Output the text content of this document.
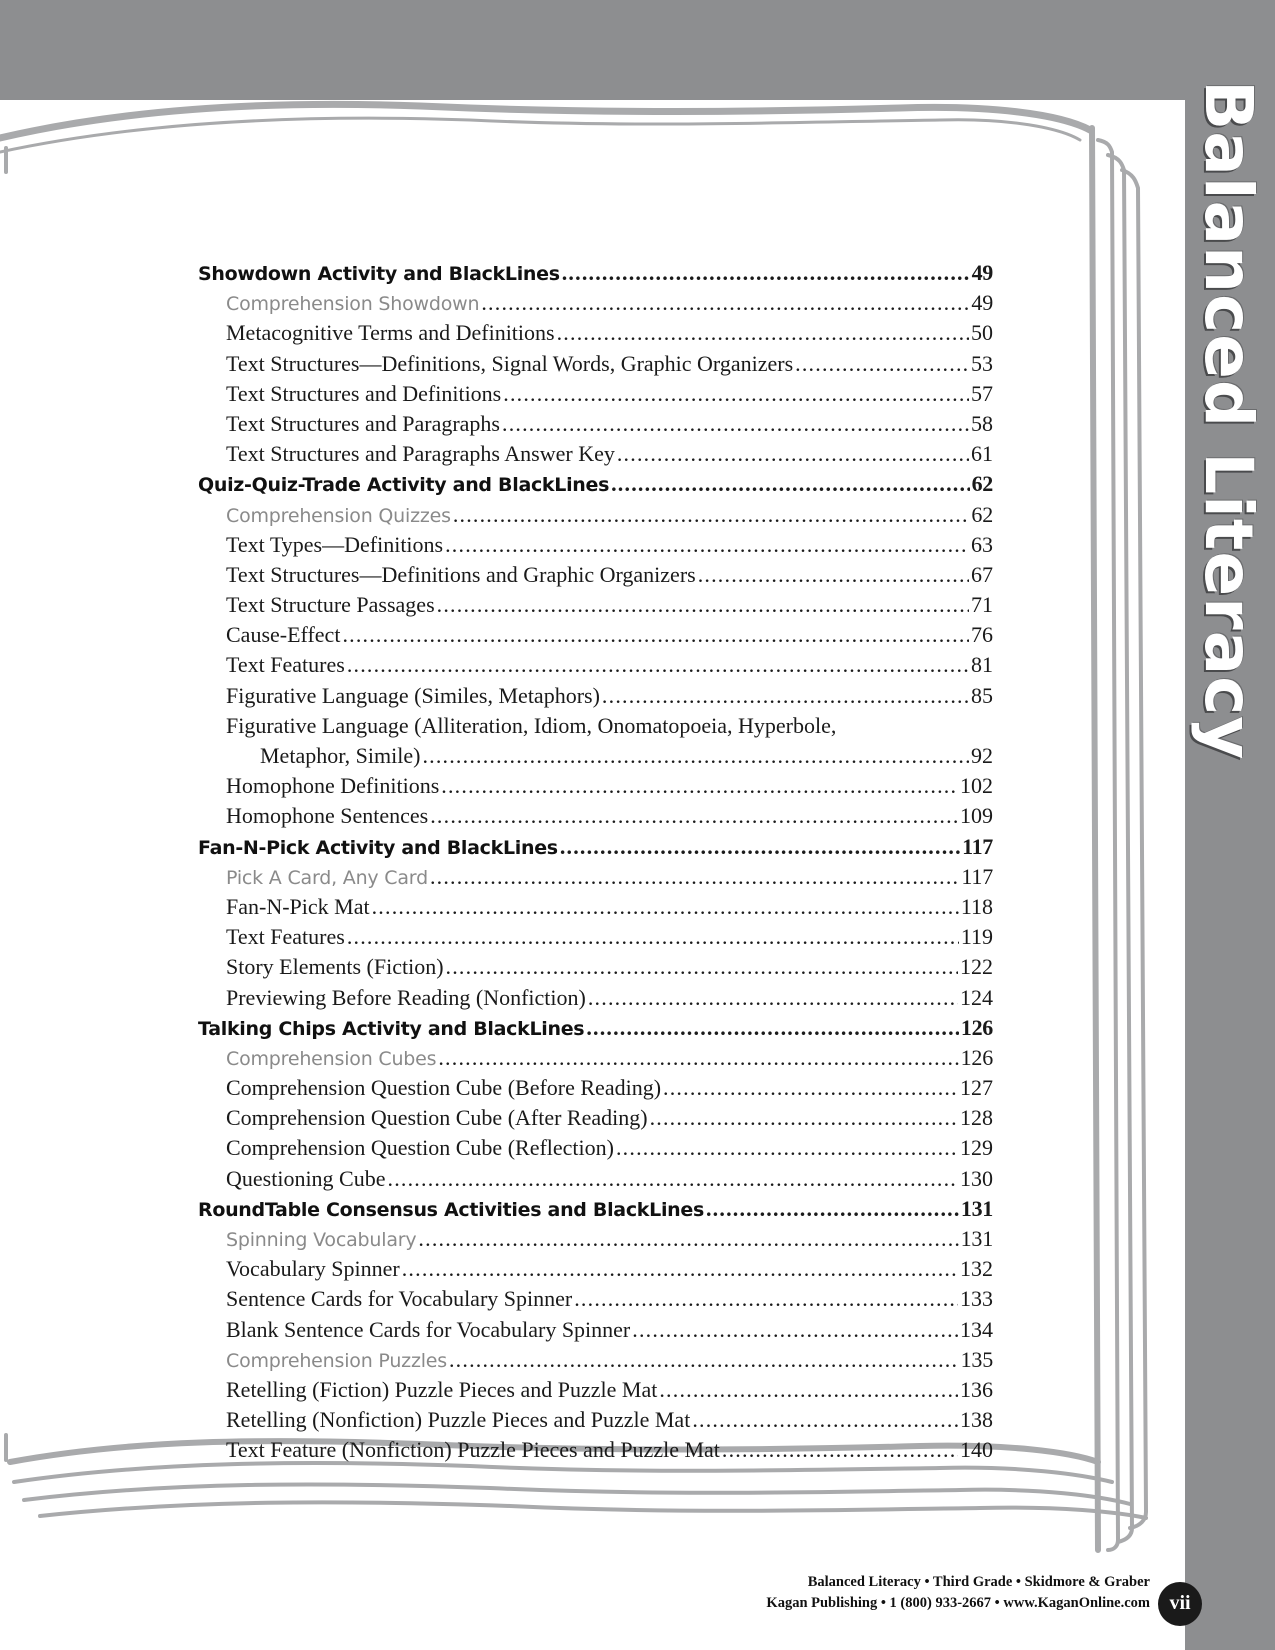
Balanced Literacy
Showdown Activity and BlackLines .....	49
Comprehension Showdown .....	49
Metacognitive Terms and Definitions .....	50
Text Structures—Definitions, Signal Words, Graphic Organizers .....	53
Text Structures and Definitions .....	57
Text Structures and Paragraphs .....	58
Text Structures and Paragraphs Answer Key .....	61
Quiz-Quiz-Trade Activity and BlackLines .....	62
Comprehension Quizzes .....	62
Text Types—Definitions .....	63
Text Structures—Definitions and Graphic Organizers .....	67
Text Structure Passages .....	71
Cause-Effect .....	76
Text Features .....	81
Figurative Language (Similes, Metaphors) .....	85
Figurative Language (Alliteration, Idiom, Onomatopoeia, Hyperbole,
Metaphor, Simile) .....	92
Homophone Definitions .....	102
Homophone Sentences .....	109
Fan-N-Pick Activity and BlackLines .....	117
Pick A Card, Any Card .....	117
Fan-N-Pick Mat .....	118
Text Features .....	119
Story Elements (Fiction) .....	122
Previewing Before Reading (Nonfiction) .....	124
Talking Chips Activity and BlackLines .....	126
Comprehension Cubes .....	126
Comprehension Question Cube (Before Reading) .....	127
Comprehension Question Cube (After Reading) .....	128
Comprehension Question Cube (Reflection) .....	129
Questioning Cube .....	130
RoundTable Consensus Activities and BlackLines .....	131
Spinning Vocabulary .....	131
Vocabulary Spinner .....	132
Sentence Cards for Vocabulary Spinner .....	133
Blank Sentence Cards for Vocabulary Spinner .....	134
Comprehension Puzzles .....	135
Retelling (Fiction) Puzzle Pieces and Puzzle Mat .....	136
Retelling (Nonfiction) Puzzle Pieces and Puzzle Mat .....	138
Text Feature (Nonfiction) Puzzle Pieces and Puzzle Mat .....	140
Balanced Literacy • Third Grade • Skidmore & Graber
Kagan Publishing • 1 (800) 933-2667 • www.KaganOnline.com vii
